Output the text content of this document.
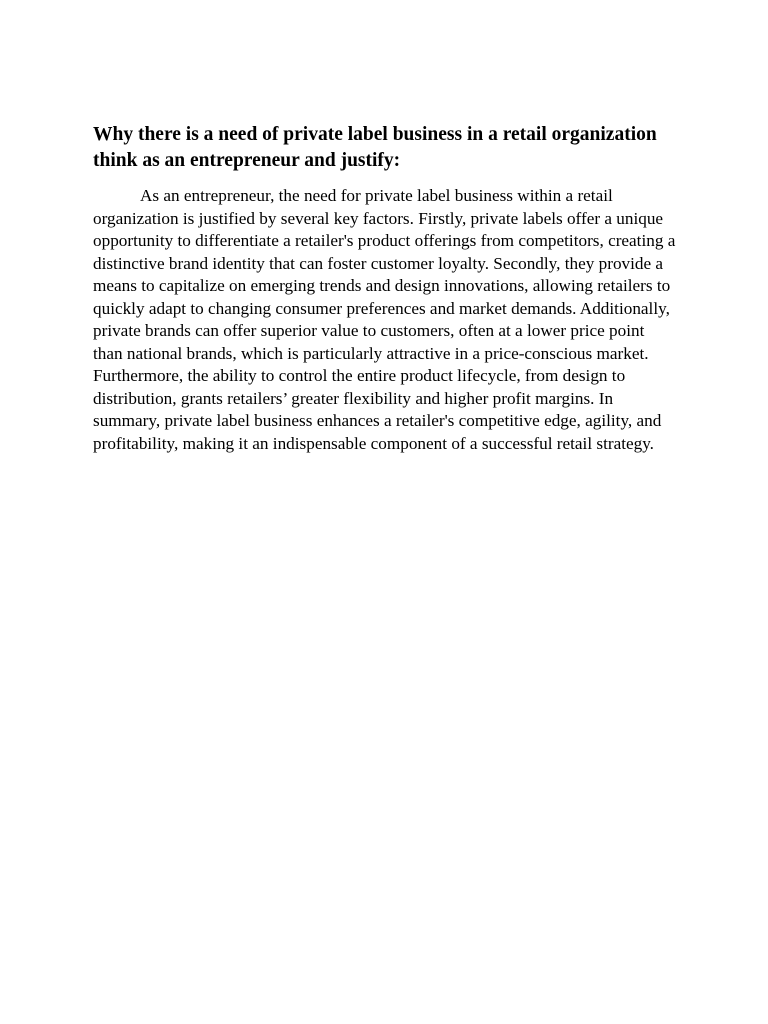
Why there is a need of private label business in a retail organization think as an entrepreneur and justify:

As an entrepreneur, the need for private label business within a retail organization is justified by several key factors. Firstly, private labels offer a unique opportunity to differentiate a retailer's product offerings from competitors, creating a distinctive brand identity that can foster customer loyalty. Secondly, they provide a means to capitalize on emerging trends and design innovations, allowing retailers to quickly adapt to changing consumer preferences and market demands. Additionally, private brands can offer superior value to customers, often at a lower price point than national brands, which is particularly attractive in a price-conscious market. Furthermore, the ability to control the entire product lifecycle, from design to distribution, grants retailers’ greater flexibility and higher profit margins. In summary, private label business enhances a retailer's competitive edge, agility, and profitability, making it an indispensable component of a successful retail strategy.
